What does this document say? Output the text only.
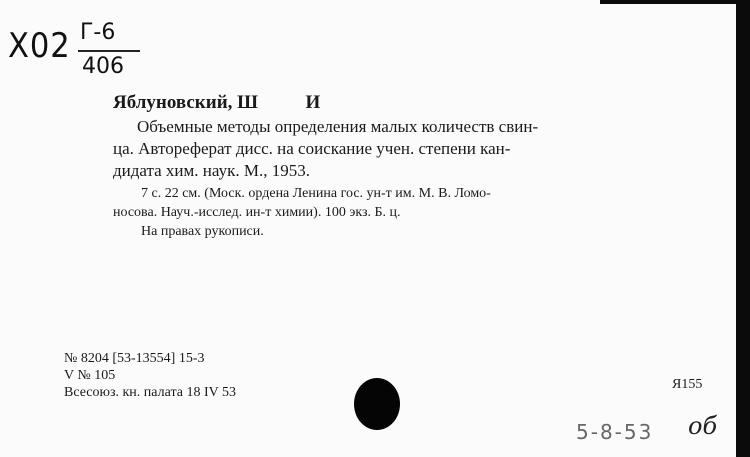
Х02 Г-6
406
Яблуновский, Ш          И
Объемные методы определения малых количеств свин-
ца. Автореферат дисс. на соискание учен. степени кан-
дидата хим. наук. М., 1953.
7 с. 22 см. (Моск. ордена Ленина гос. ун-т им. М. В. Ломо-
носова. Науч.-исслед. ин-т химии). 100 экз. Б. ц.
На правах рукописи.
№ 8204 [53-13554] 15-3
V № 105
Всесоюз. кн. палата 18 IV 53
Я155
5-8-53 об
